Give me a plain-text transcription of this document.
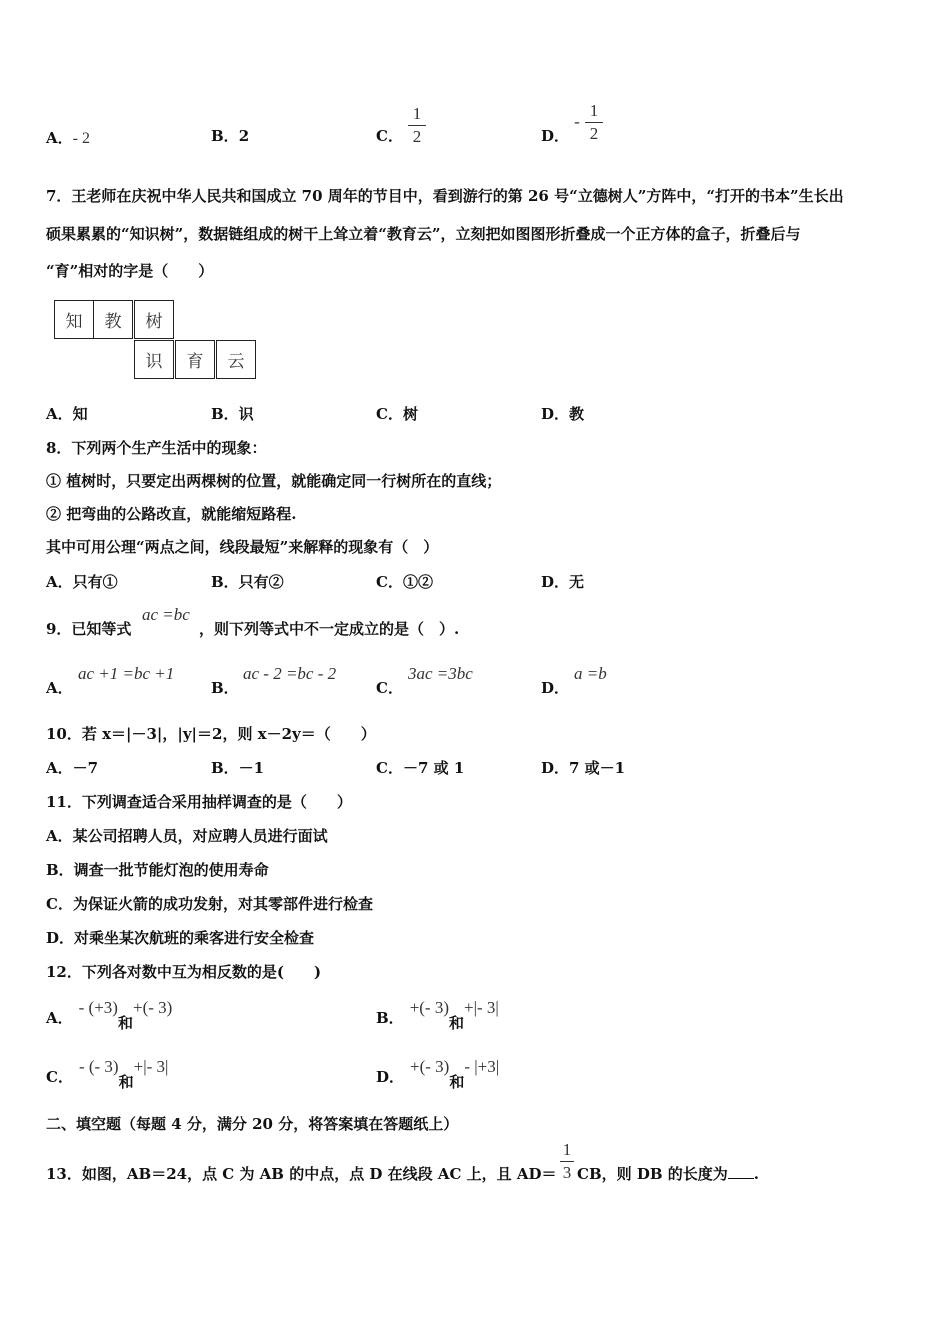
A．- 2	B．2	C．
1
2	D．
-
1
2
7．王老师在庆祝中华人民共和国成立 70 周年的节目中，看到游行的第 26 号“立德树人”方阵中，“打开的书本”生长出
硕果累累的“知识树”，数据链组成的树干上耸立着“教育云”，立刻把如图图形折叠成一个正方体的盒子，折叠后与
“育”相对的字是（　　）
知	教	树
识	育	云
A．知	B．识	C．树	D．教
8．下列两个生产生活中的现象：
① 植树时，只要定出两棵树的位置，就能确定同一行树所在的直线；
② 把弯曲的公路改直，就能缩短路程.
其中可用公理“两点之间，线段最短”来解释的现象有（　）
A．只有①	B．只有②	C．①②	D．无
9．已知等式
ac =bc
，则下列等式中不一定成立的是（　）.
A．
ac +1 =bc +1
B．
ac - 2 =bc - 2
C．
3ac =3bc
D．
a =b
10．若 x＝|－3|，|y|＝2，则 x－2y＝（　　）
A．－7	B．－1	C．－7 或 1	D．7 或－1
11．下列调查适合采用抽样调查的是（　　）
A．某公司招聘人员，对应聘人员进行面试
B．调查一批节能灯泡的使用寿命
C．为保证火箭的成功发射，对其零部件进行检查
D．对乘坐某次航班的乘客进行安全检查
12．下列各对数中互为相反数的是(　　)
A．- (+3)和+(- 3)
B．+(- 3)和+|- 3|
C．- (- 3)和+|- 3|
D．+(- 3)和- |+3|
二、填空题（每题 4 分，满分 20 分，将答案填在答题纸上）
13．如图，AB＝24，点 C 为 AB 的中点，点 D 在线段 AC 上，且 AD＝
1
3 CB，则 DB 的长度为 .
